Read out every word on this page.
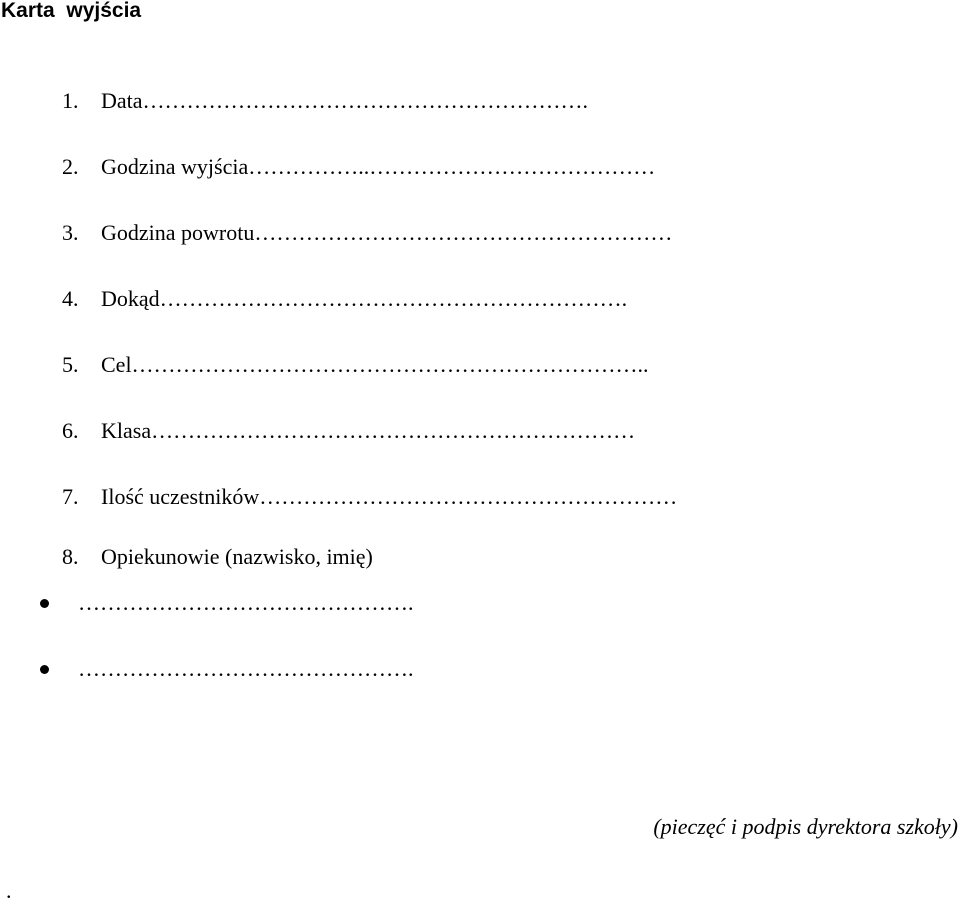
Karta  wyjścia

1. Data…………………………………………………….

2. Godzina wyjścia……………..…………………………………

3. Godzina powrotu…………………………………………………

4. Dokąd……………………………………………………….

5. Cel……………………………………………………………..

6. Klasa…………………………………………………………

7. Ilość uczestników…………………………………………………

8. Opiekunowie (nazwisko, imię)

……………………………………….

……………………………………….

(pieczęć i podpis dyrektora szkoły)
.
